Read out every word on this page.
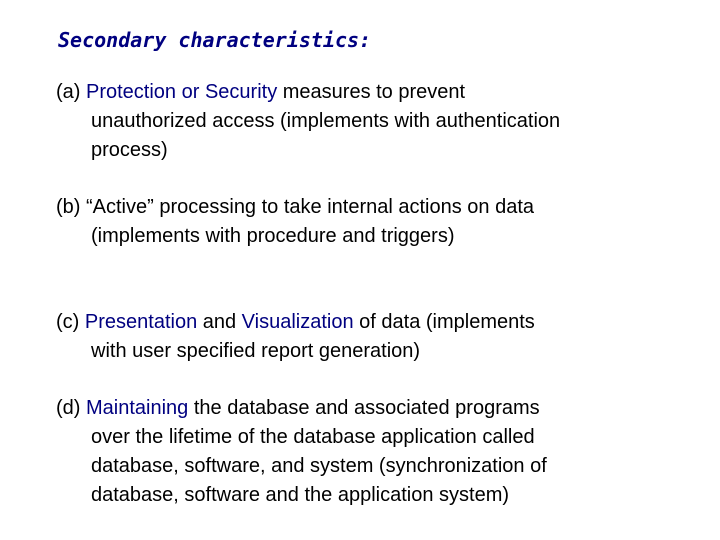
Secondary characteristics:
(a) Protection or Security measures to prevent
unauthorized access (implements with authentication
process)
(b) “Active” processing to take internal actions on data
(implements with procedure and triggers)
(c) Presentation and Visualization of data (implements
with user specified report generation)
(d) Maintaining the database and associated programs
over the lifetime of the database application called
database, software, and system (synchronization of
database, software and the application system)
